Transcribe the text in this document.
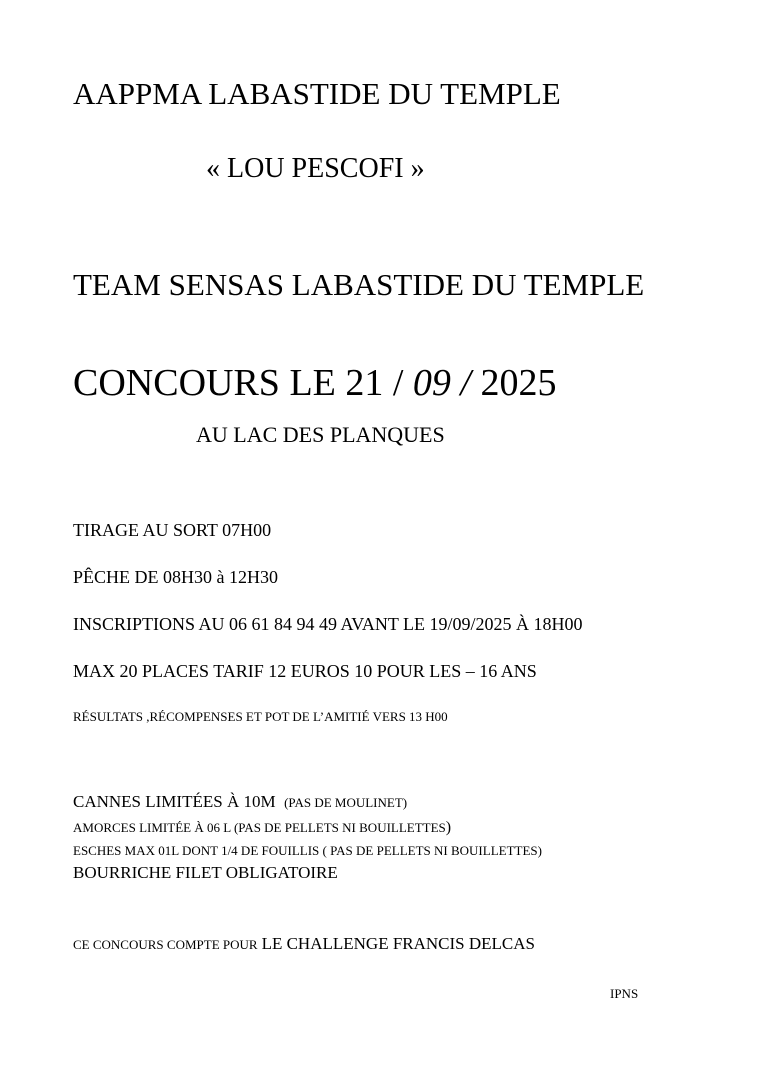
AAPPMA LABASTIDE DU TEMPLE
« LOU PESCOFI »
TEAM SENSAS LABASTIDE DU TEMPLE
CONCOURS LE 21 / 09 / 2025
AU LAC DES PLANQUES
TIRAGE AU SORT 07H00
PÊCHE DE 08H30 à 12H30
INSCRIPTIONS AU 06 61 84 94 49 AVANT LE 19/09/2025 À 18H00
MAX 20 PLACES TARIF 12 EUROS 10 POUR LES – 16 ANS
RÉSULTATS ,RÉCOMPENSES ET POT DE L’AMITIÉ VERS 13 H00
CANNES LIMITÉES À 10M (PAS DE MOULINET)
AMORCES LIMITÉE À 06 L (PAS DE PELLETS NI BOUILLETTES)
ESCHES MAX 01L DONT 1/4 DE FOUILLIS ( PAS DE PELLETS NI BOUILLETTES)
BOURRICHE FILET OBLIGATOIRE
CE CONCOURS COMPTE POUR LE CHALLENGE FRANCIS DELCAS
IPNS
